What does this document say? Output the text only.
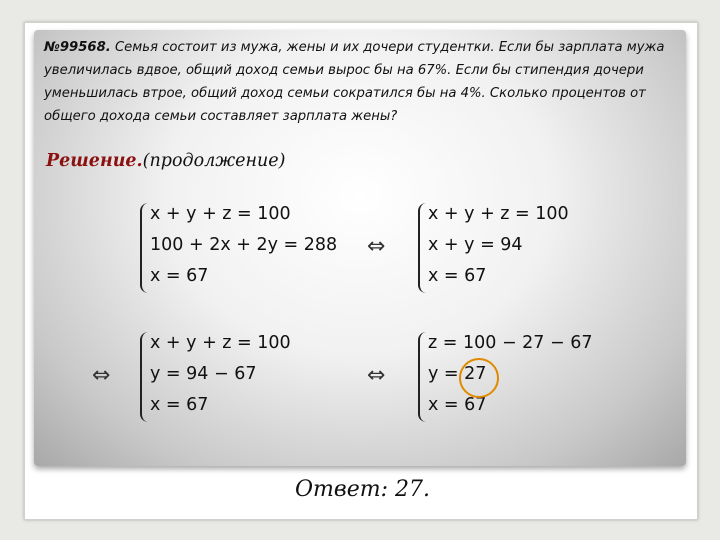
№99568. Семья состоит из мужа, жены и их дочери студентки. Если бы зарплата мужа увеличилась вдвое, общий доход семьи вырос бы на 67%. Если бы стипендия дочери уменьшилась втрое, общий доход семьи сократился бы на 4%. Сколько процентов от общего дохода семьи составляет зарплата жены?

Решение.(продолжение)

x + y + z = 100
100 + 2x + 2y = 288
x = 67
⇔
x + y + z = 100
x + y = 94
x = 67
⇔
x + y + z = 100
y = 94 − 67
x = 67
⇔
z = 100 − 27 − 67
y = 27
x = 67
Ответ: 27.
